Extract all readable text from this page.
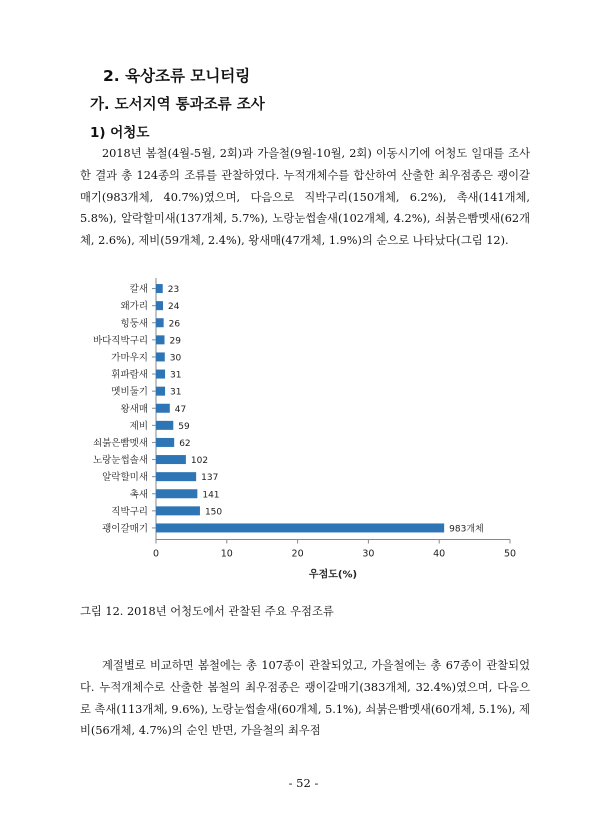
2. 육상조류 모니터링
가. 도서지역 통과조류 조사
1) 어청도
2018년 봄철(4월-5월, 2회)과 가을철(9월-10월, 2회) 이동시기에 어청도 일대를 조사한 결과 총 124종의 조류를 관찰하였다. 누적개체수를 합산하여 산출한 최우점종은 괭이갈매기(983개체, 40.7%)였으며, 다음으로 직박구리(150개체, 6.2%), 촉새(141개체, 5.8%), 알락할미새(137개체, 5.7%), 노랑눈썹솔새(102개체, 4.2%), 쇠붉은빰멧새(62개체, 2.6%), 제비(59개체, 2.4%), 왕새매(47개체, 1.9%)의 순으로 나타났다(그림 12).
칼새 23
왜가리 24
힝둥새 26
바다직박구리 29
가마우지 30
휘파람새 31
멧비둘기 31
왕새매	47
제비	59
쇠붉은빰멧새	62
노랑눈썹솔새	102
알락할미새	137
촉새	141
직박구리	150
괭이갈매기	983개체
0	10	20	30	40	50
우점도(%)
그림 12. 2018년 어청도에서 관찰된 주요 우점조류
계절별로 비교하면 봄철에는 총 107종이 관찰되었고, 가을철에는 총 67종이 관찰되었다. 누적개체수로 산출한 봄철의 최우점종은 괭이갈매기(383개체, 32.4%)였으며, 다음으로 촉새(113개체, 9.6%), 노랑눈썹솔새(60개체, 5.1%), 쇠붉은빰멧새(60개체, 5.1%), 제비(56개체, 4.7%)의 순인 반면, 가을철의 최우점
- 52 -
